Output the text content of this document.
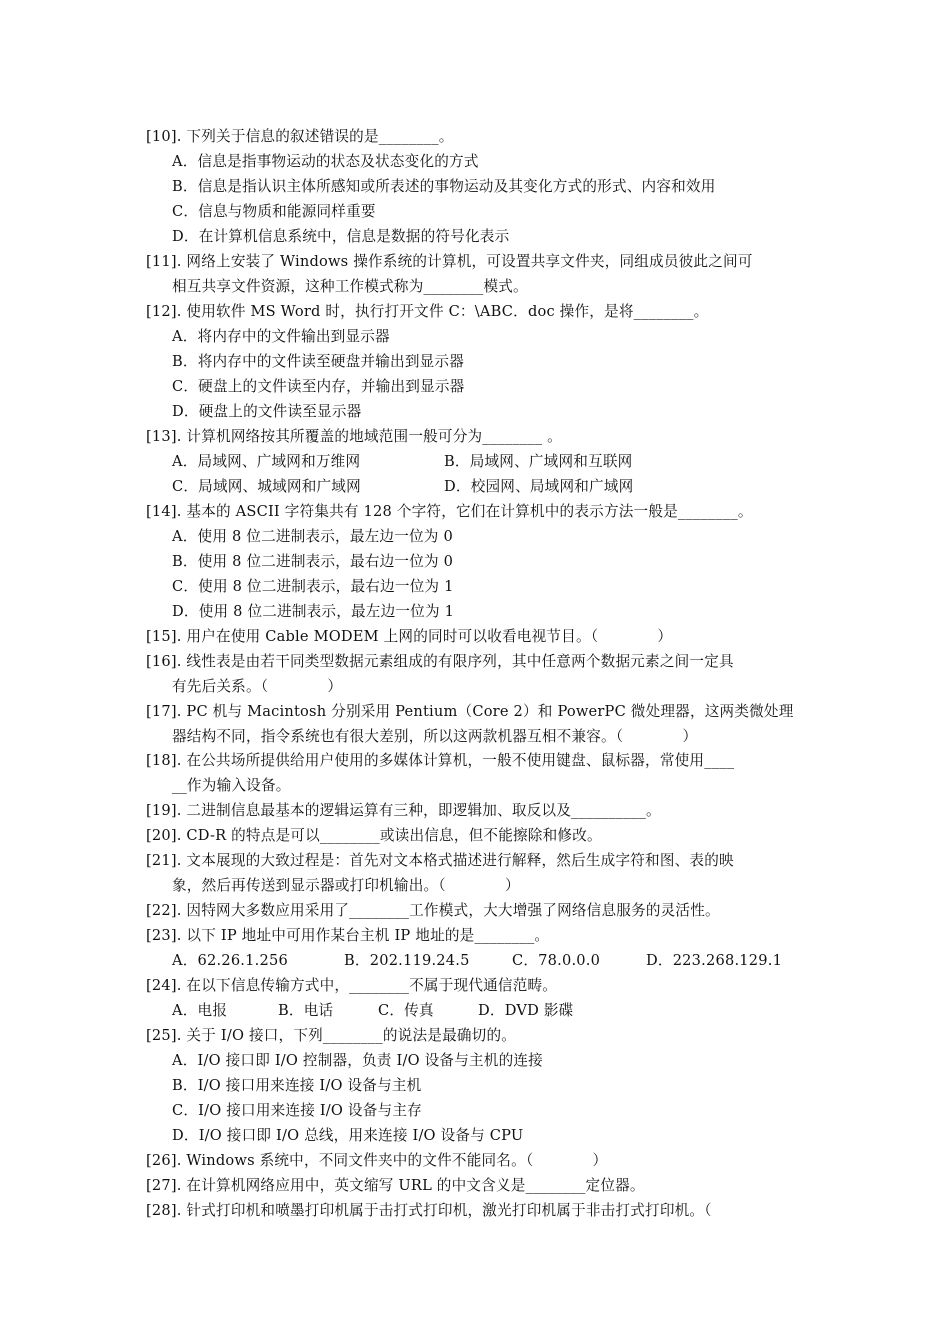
[10]. 下列关于信息的叙述错误的是________。
A．信息是指事物运动的状态及状态变化的方式
B．信息是指认识主体所感知或所表述的事物运动及其变化方式的形式、内容和效用
C．信息与物质和能源同样重要
D．在计算机信息系统中，信息是数据的符号化表示
[11]. 网络上安装了 Windows 操作系统的计算机，可设置共享文件夹，同组成员彼此之间可
相互共享文件资源，这种工作模式称为________模式。
[12]. 使用软件 MS Word 时，执行打开文件 C：\ABC．doc 操作，是将________。
A．将内存中的文件输出到显示器
B．将内存中的文件读至硬盘并输出到显示器
C．硬盘上的文件读至内存，并输出到显示器
D．硬盘上的文件读至显示器
[13]. 计算机网络按其所覆盖的地域范围一般可分为________ 。
A．局域网、广域网和万维网	B．局域网、广域网和互联网
C．局域网、城域网和广域网	D．校园网、局域网和广域网
[14]. 基本的 ASCII 字符集共有 128 个字符，它们在计算机中的表示方法一般是________。
A．使用 8 位二进制表示，最左边一位为 0
B．使用 8 位二进制表示，最右边一位为 0
C．使用 8 位二进制表示，最右边一位为 1
D．使用 8 位二进制表示，最左边一位为 1
[15]. 用户在使用 Cable MODEM 上网的同时可以收看电视节目。（　　　　）
[16]. 线性表是由若干同类型数据元素组成的有限序列，其中任意两个数据元素之间一定具
有先后关系。（　　　　）
[17]. PC 机与 Macintosh 分别采用 Pentium（Core 2）和 PowerPC 微处理器，这两类微处理
器结构不同，指令系统也有很大差别，所以这两款机器互相不兼容。（　　　　）
[18]. 在公共场所提供给用户使用的多媒体计算机，一般不使用键盘、鼠标器，常使用____
__作为输入设备。
[19]. 二进制信息最基本的逻辑运算有三种，即逻辑加、取反以及__________。
[20]. CD-R 的特点是可以________或读出信息，但不能擦除和修改。
[21]. 文本展现的大致过程是：首先对文本格式描述进行解释，然后生成字符和图、表的映
象，然后再传送到显示器或打印机输出。（　　　　）
[22]. 因特网大多数应用采用了________工作模式，大大增强了网络信息服务的灵活性。
[23]. 以下 IP 地址中可用作某台主机 IP 地址的是________。
A．62.26.1.256	B．202.119.24.5	C．78.0.0.0	D．223.268.129.1
[24]. 在以下信息传输方式中，________不属于现代通信范畴。
A．电报	B．电话	C．传真	D．DVD 影碟
[25]. 关于 I/O 接口，下列________的说法是最确切的。
A．I/O 接口即 I/O 控制器，负责 I/O 设备与主机的连接
B．I/O 接口用来连接 I/O 设备与主机
C．I/O 接口用来连接 I/O 设备与主存
D．I/O 接口即 I/O 总线，用来连接 I/O 设备与 CPU
[26]. Windows 系统中，不同文件夹中的文件不能同名。（　　　　）
[27]. 在计算机网络应用中，英文缩写 URL 的中文含义是________定位器。
[28]. 针式打印机和喷墨打印机属于击打式打印机，激光打印机属于非击打式打印机。（
